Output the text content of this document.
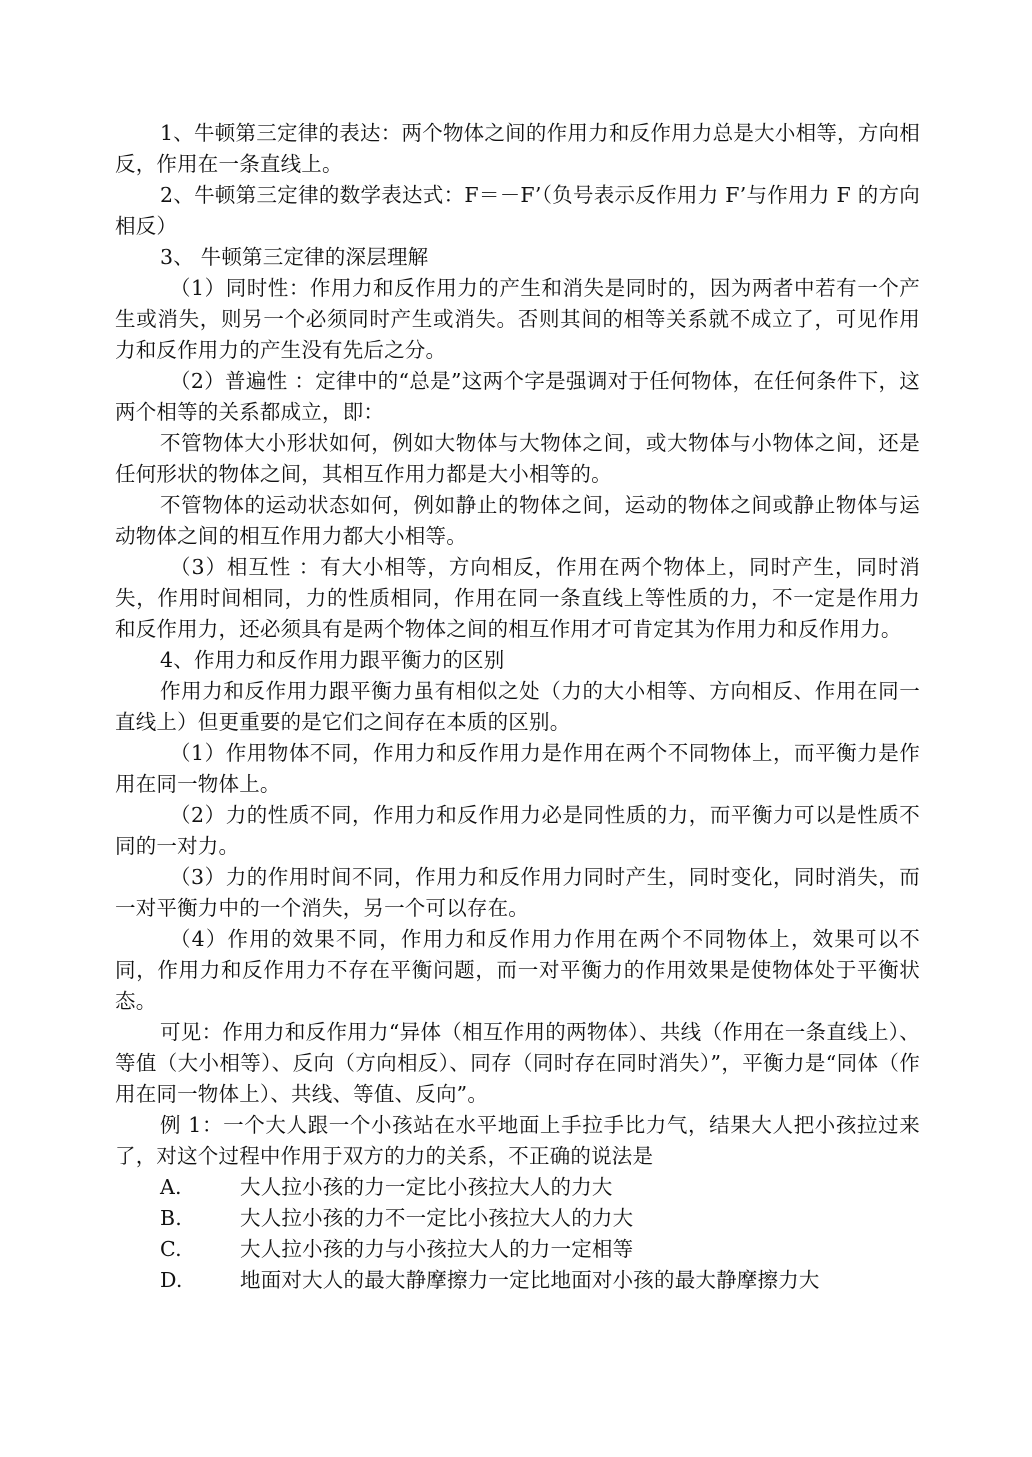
1、牛顿第三定律的表达：两个物体之间的作用力和反作用力总是大小相等，方向相反，作用在一条直线上。

2、牛顿第三定律的数学表达式：F＝－F’（负号表示反作用力 F’与作用力 F 的方向相反）

3、 牛顿第三定律的深层理解

（1）同时性：作用力和反作用力的产生和消失是同时的，因为两者中若有一个产生或消失，则另一个必须同时产生或消失。否则其间的相等关系就不成立了，可见作用力和反作用力的产生没有先后之分。

（2）普遍性 ：定律中的“总是”这两个字是强调对于任何物体，在任何条件下，这两个相等的关系都成立，即：

不管物体大小形状如何，例如大物体与大物体之间，或大物体与小物体之间，还是任何形状的物体之间，其相互作用力都是大小相等的。

不管物体的运动状态如何，例如静止的物体之间，运动的物体之间或静止物体与运动物体之间的相互作用力都大小相等。

（3）相互性 ：有大小相等，方向相反，作用在两个物体上，同时产生，同时消失，作用时间相同，力的性质相同，作用在同一条直线上等性质的力，不一定是作用力和反作用力，还必须具有是两个物体之间的相互作用才可肯定其为作用力和反作用力。

4、作用力和反作用力跟平衡力的区别

作用力和反作用力跟平衡力虽有相似之处（力的大小相等、方向相反、作用在同一直线上）但更重要的是它们之间存在本质的区别。

（1）作用物体不同，作用力和反作用力是作用在两个不同物体上，而平衡力是作用在同一物体上。

（2）力的性质不同，作用力和反作用力必是同性质的力，而平衡力可以是性质不同的一对力。

（3）力的作用时间不同，作用力和反作用力同时产生，同时变化，同时消失，而一对平衡力中的一个消失，另一个可以存在。

（4）作用的效果不同，作用力和反作用力作用在两个不同物体上，效果可以不同，作用力和反作用力不存在平衡问题，而一对平衡力的作用效果是使物体处于平衡状态。

可见：作用力和反作用力“异体（相互作用的两物体）、共线（作用在一条直线上）、等值（大小相等）、反向（方向相反）、同存（同时存在同时消失）”，平衡力是“同体（作用在同一物体上）、共线、等值、反向”。

例 1：一个大人跟一个小孩站在水平地面上手拉手比力气，结果大人把小孩拉过来了，对这个过程中作用于双方的力的关系，不正确的说法是

A.	大人拉小孩的力一定比小孩拉大人的力大

B.	大人拉小孩的力不一定比小孩拉大人的力大

C.	大人拉小孩的力与小孩拉大人的力一定相等

D.	地面对大人的最大静摩擦力一定比地面对小孩的最大静摩擦力大
